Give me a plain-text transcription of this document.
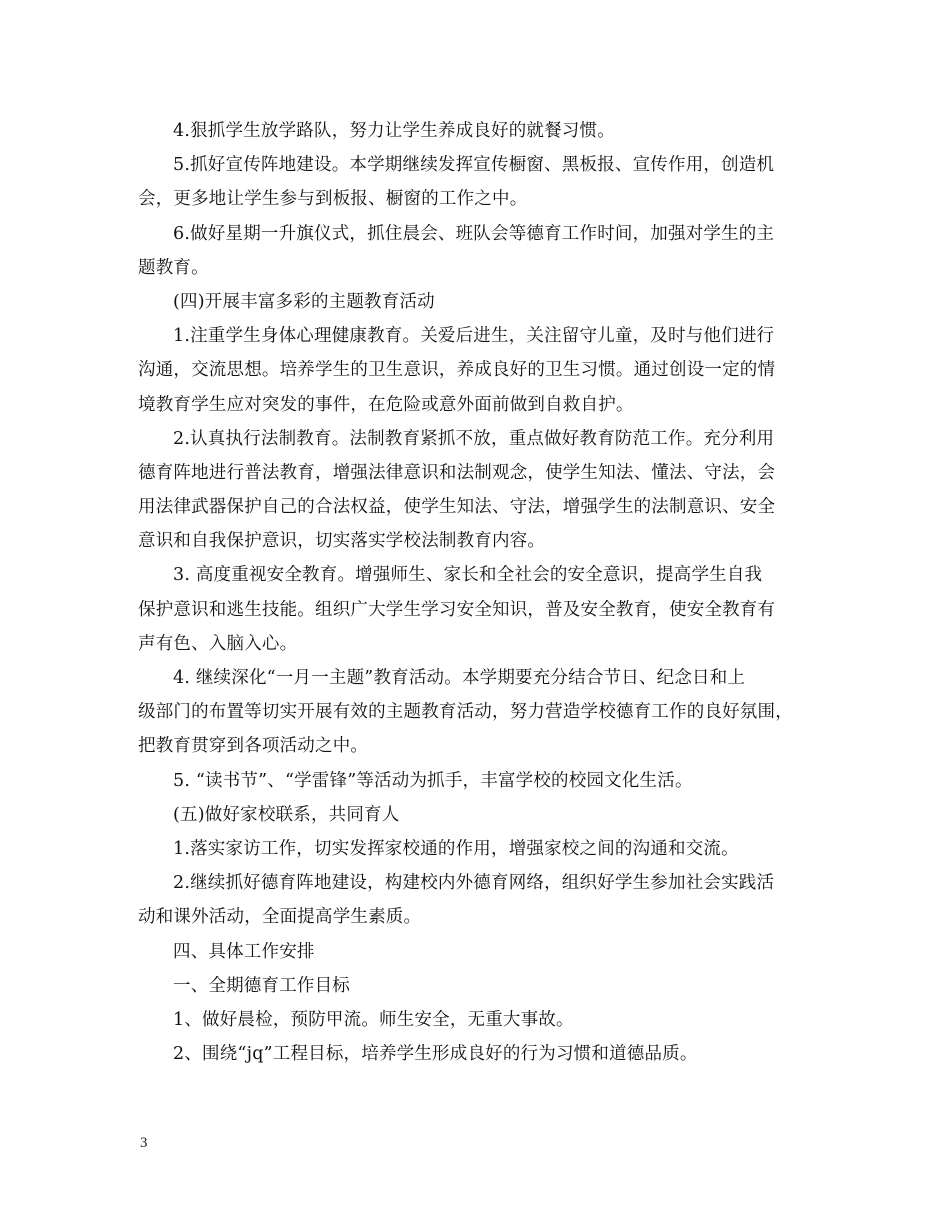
4.狠抓学生放学路队，努力让学生养成良好的就餐习惯。
5.抓好宣传阵地建设。本学期继续发挥宣传橱窗、黑板报、宣传作用，创造机
会，更多地让学生参与到板报、橱窗的工作之中。
6.做好星期一升旗仪式，抓住晨会、班队会等德育工作时间，加强对学生的主
题教育。
(四)开展丰富多彩的主题教育活动
1.注重学生身体心理健康教育。关爱后进生，关注留守儿童，及时与他们进行
沟通，交流思想。培养学生的卫生意识，养成良好的卫生习惯。通过创设一定的情
境教育学生应对突发的事件，在危险或意外面前做到自救自护。
2.认真执行法制教育。法制教育紧抓不放，重点做好教育防范工作。充分利用
德育阵地进行普法教育，增强法律意识和法制观念，使学生知法、懂法、守法，会
用法律武器保护自己的合法权益，使学生知法、守法，增强学生的法制意识、安全
意识和自我保护意识，切实落实学校法制教育内容。
3. 高度重视安全教育。增强师生、家长和全社会的安全意识，提高学生自我
保护意识和逃生技能。组织广大学生学习安全知识，普及安全教育，使安全教育有
声有色、入脑入心。
4. 继续深化“一月一主题”教育活动。本学期要充分结合节日、纪念日和上
级部门的布置等切实开展有效的主题教育活动，努力营造学校德育工作的良好氛围，
把教育贯穿到各项活动之中。
5. “读书节”、“学雷锋”等活动为抓手，丰富学校的校园文化生活。
(五)做好家校联系，共同育人
1.落实家访工作，切实发挥家校通的作用，增强家校之间的沟通和交流。
2.继续抓好德育阵地建设，构建校内外德育网络，组织好学生参加社会实践活
动和课外活动，全面提高学生素质。
四、具体工作安排
一、全期德育工作目标
1、做好晨检，预防甲流。师生安全，无重大事故。
2、围绕“jq”工程目标，培养学生形成良好的行为习惯和道德品质。
3
